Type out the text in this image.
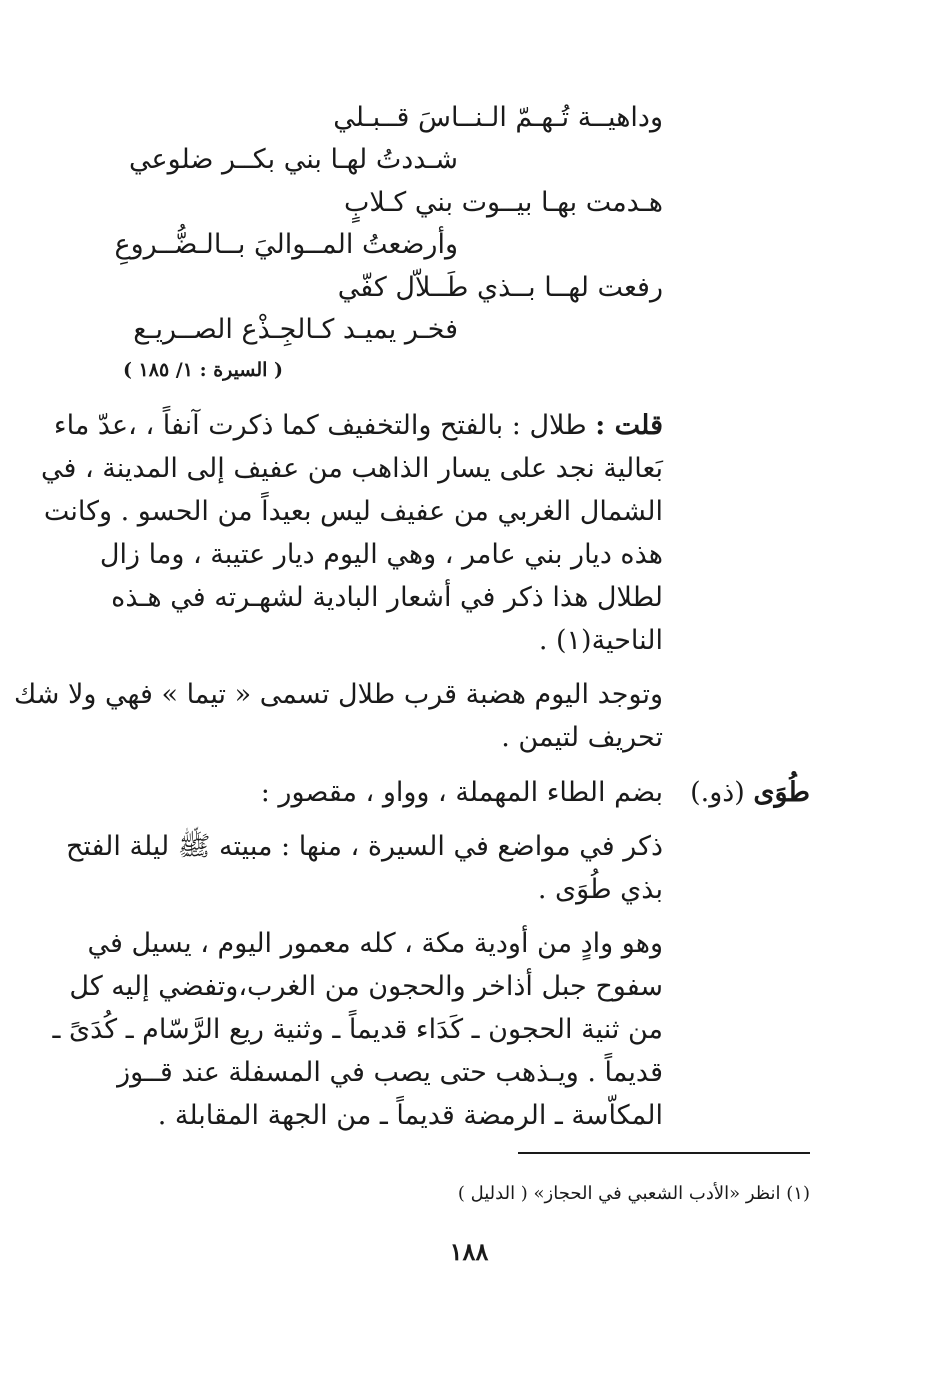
وداهيــة تُـهـمّ الـنــاسَ قــبـلي
شـددتُ لهـا بني بكــر ضلوعي
هـدمت بهـا بيــوت بني كـلابٍ
وأرضعتُ المــواليَ بــالـضُّــروعِ
رفعت لهــا بــذي طَــلاّل كفّي
فخـر يميـد كـالجِـذْع الصــريـع
( السيرة : ١/ ١٨٥ )
قلت : طلال : بالفتح والتخفيف كما ذكرت آنفاً ، ،عدّ ماء
بَعالية نجد على يسار الذاهب من عفيف إلى المدينة ، في
الشمال الغربي من عفيف ليس بعيداً من الحسو . وكانت
هذه ديار بني عامر ، وهي اليوم ديار عتيبة ، وما زال
لطلال هذا ذكر في أشعار البادية لشهـرته في هـذه
الناحية(١) .
وتوجد اليوم هضبة قرب طلال تسمى « تيما » فهي ولا شك
تحريف لتيمن .
طُوَى (ذو.)
بضم الطاء المهملة ، وواو ، مقصور :
ذكر في مواضع في السيرة ، منها : مبيته ﷺ ليلة الفتح
بذي طُوَى .
وهو وادٍ من أودية مكة ، كله معمور اليوم ، يسيل في
سفوح جبل أذاخر والحجون من الغرب،وتفضي إليه كل
من ثنية الحجون ـ كَدَاء قديماً ـ وثنية ريع الرَّسّام ـ كُدَىً ـ
قديماً . ويـذهب حتى يصب في المسفلة عند قــوز
المكاّسة ـ الرمضة قديماً ـ من الجهة المقابلة .
(١) انظر «الأدب الشعبي في الحجاز» ( الدليل )
١٨٨
